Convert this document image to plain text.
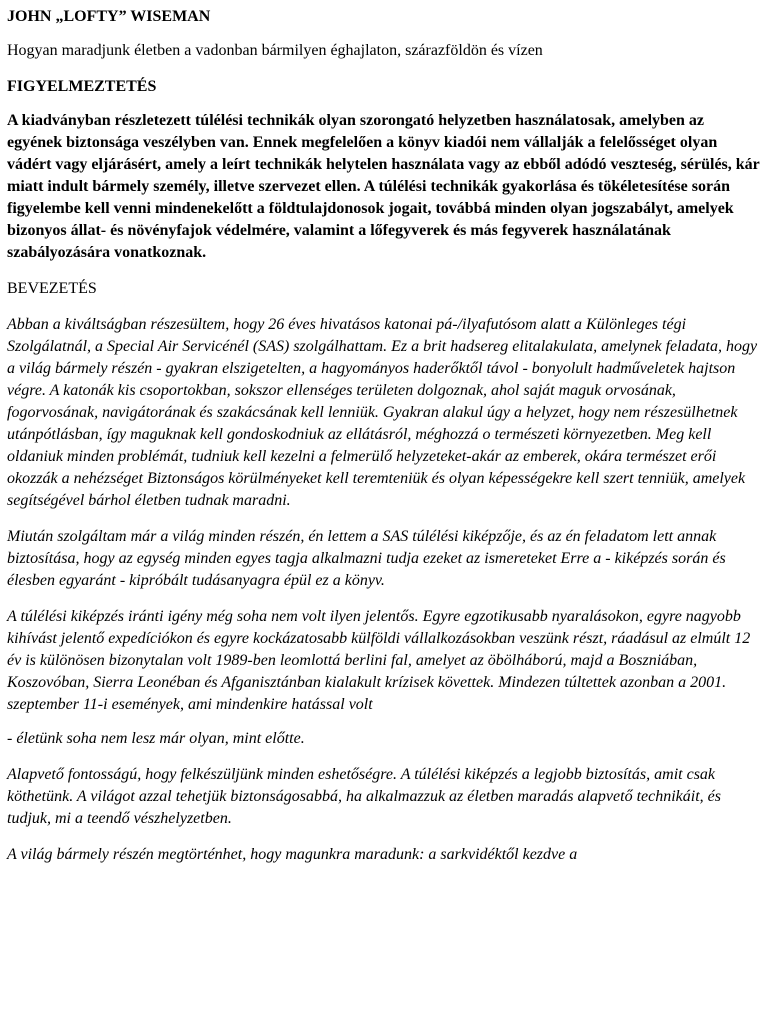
JOHN „LOFTY” WISEMAN

Hogyan maradjunk életben a vadonban bármilyen éghajlaton, szárazföldön és vízen

FIGYELMEZTETÉS

A kiadványban részletezett túlélési technikák olyan szorongató helyzetben használatosak, amelyben az egyének biztonsága veszélyben van. Ennek megfelelően a könyv kiadói nem vállalják a felelősséget olyan vádért vagy eljárásért, amely a leírt technikák helytelen használata vagy az ebből adódó veszteség, sérülés, kár miatt indult bármely személy, illetve szervezet ellen. A túlélési technikák gyakorlása és tökéletesítése során figyelembe kell venni mindenekelőtt a földtulajdonosok jogait, továbbá minden olyan jogszabályt, amelyek bizonyos állat- és növényfajok védelmére, valamint a lőfegyverek és más fegyverek használatának szabályozására vonatkoznak.

BEVEZETÉS

Abban a kiváltságban részesültem, hogy 26 éves hivatásos katonai pá-/ilyafutósom alatt a Különleges tégi Szolgálatnál, a Special Air Servicénél (SAS) szolgálhattam. Ez a brit hadsereg elitalakulata, amelynek feladata, hogy a világ bármely részén - gyakran elszigetelten, a hagyományos haderőktől távol - bonyolult hadműveletek hajtson végre. A katonák kis csoportokban, sokszor ellenséges területen dolgoznak, ahol saját maguk orvosának, fogorvosának, navigátorának és szakácsának kell lenniük. Gyakran alakul úgy a helyzet, hogy nem részesülhetnek utánpótlásban, így maguknak kell gondoskodniuk az ellátásról, méghozzá o természeti környezetben. Meg kell oldaniuk minden problémát, tudniuk kell kezelni a felmerülő helyzeteket-akár az emberek, okára természet erői okozzák a nehézséget Biztonságos körülményeket kell teremteniük és olyan képességekre kell szert tenniük, amelyek segítségével bárhol életben tudnak maradni.

Miután szolgáltam már a világ minden részén, én lettem a SAS túlélési kiképzője, és az én feladatom lett annak biztosítása, hogy az egység minden egyes tagja alkalmazni tudja ezeket az ismereteket Erre a - kiképzés során és élesben egyaránt - kipróbált tudásanyagra épül ez a könyv.

A túlélési kiképzés iránti igény még soha nem volt ilyen jelentős. Egyre egzotikusabb nyaralásokon, egyre nagyobb kihívást jelentő expedíciókon és egyre kockázatosabb külföldi vállalkozásokban veszünk részt, ráadásul az elmúlt 12 év is különösen bizonytalan volt 1989-ben leomlottá berlini fal, amelyet az öbölháború, majd a Boszniában, Koszovóban, Sierra Leonéban és Afganisztánban kialakult krízisek követtek. Mindezen túltettek azonban a 2001. szeptember 11-i események, ami mindenkire hatással volt

- életünk soha nem lesz már olyan, mint előtte.

Alapvető fontosságú, hogy felkészüljünk minden eshetőségre. A túlélési kiképzés a legjobb biztosítás, amit csak köthetünk. A világot azzal tehetjük biztonságosabbá, ha alkalmazzuk az életben maradás alapvető technikáit, és tudjuk, mi a teendő vészhelyzetben.

A világ bármely részén megtörténhet, hogy magunkra maradunk: a sarkvidéktől kezdve a
